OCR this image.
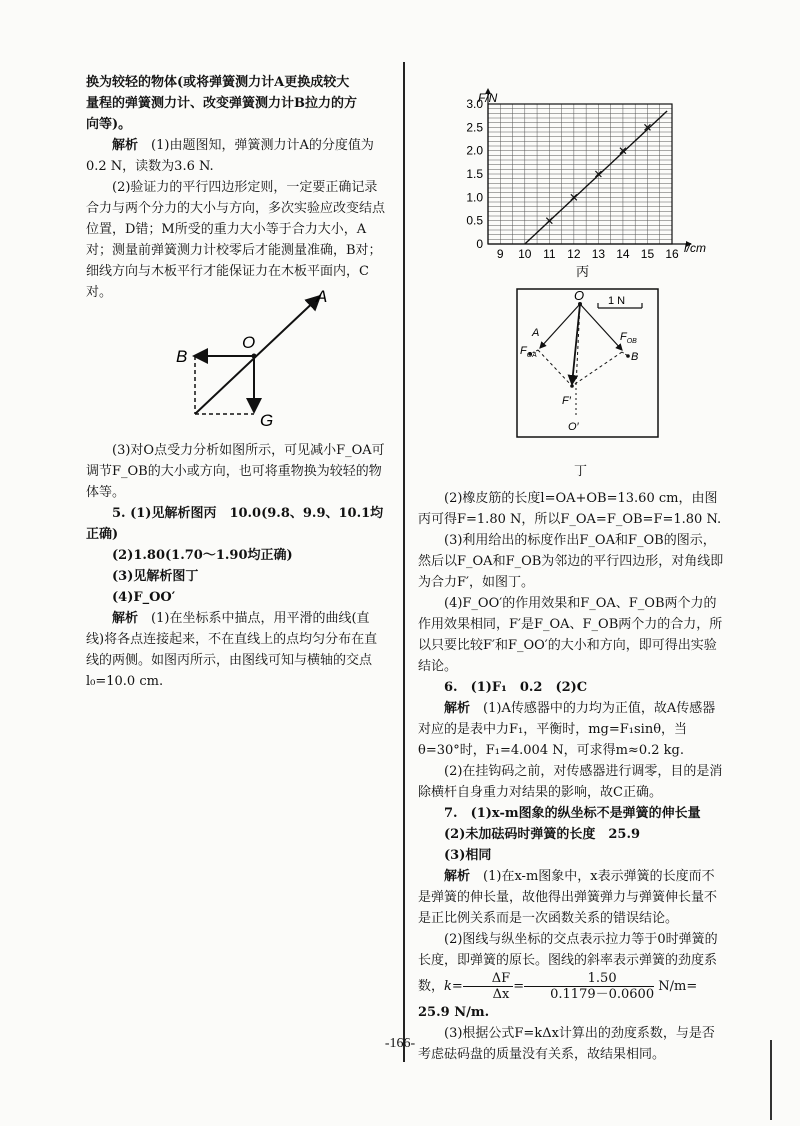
换为较轻的物体(或将弹簧测力计A更换成较大

量程的弹簧测力计、改变弹簧测力计B拉力的方

向等)。

解析　 (1)由题图知，弹簧测力计A的分度值为0.2 N，读数为3.6 N.

(2)验证力的平行四边形定则，一定要正确记录合力与两个分力的大小与方向，多次实验应改变结点位置，D错；M所受的重力大小等于合力大小，A对；测量前弹簧测力计校零后才能测量准确，B对；细线方向与木板平行才能保证力在木板平面内，C对。

O
A
B
G

(3)对O点受力分析如图所示，可见减小F_OA可调节F_OB的大小或方向，也可将重物换为较轻的物体等。

5. (1)见解析图丙　10.0(9.8、9.9、10.1均正确)

(2)1.80(1.70～1.90均正确)

(3)见解析图丁

(4)F_OO′

解析　 (1)在坐标系中描点，用平滑的曲线(直线)将各点连接起来，不在直线上的点均匀分布在直线的两侧。如图丙所示，由图线可知与横轴的交点l₀=10.0 cm.

9 10 11 12 13 14 15 16
0
0.5
1.0
1.5
2.0
2.5
3.0
F/N
l/cm
丙
1 N
O
A
B
$F_{OA}$
$F_{OB}$
F′
O′
丁

(2)橡皮筋的长度l=OA+OB=13.60 cm，由图丙可得F=1.80 N，所以F_OA=F_OB=F=1.80 N.

(3)利用给出的标度作出F_OA和F_OB的图示，然后以F_OA和F_OB为邻边的平行四边形，对角线即为合力F′，如图丁。

(4)F_OO′的作用效果和F_OA、F_OB两个力的作用效果相同，F′是F_OA、F_OB两个力的合力，所以只要比较F′和F_OO′的大小和方向，即可得出实验结论。

6.　(1)F₁　0.2　(2)C

解析　 (1)A传感器中的力均为正值，故A传感器对应的是表中力F₁，平衡时，mg=F₁sinθ，当θ=30°时，F₁=4.004 N，可求得m≈0.2 kg.

(2)在挂钩码之前，对传感器进行调零，目的是消除横杆自身重力对结果的影响，故C正确。

7.　(1)x-m图象的纵坐标不是弹簧的伸长量

(2)未加砝码时弹簧的长度　25.9

(3)相同

解析　 (1)在x-m图象中，x表示弹簧的长度而不是弹簧的伸长量，故他得出弹簧弹力与弹簧伸长量不是正比例关系而是一次函数关系的错误结论。

(2)图线与纵坐标的交点表示拉力等于0时弹簧的长度，即弹簧的原长。图线的斜率表示弹簧的劲度系数，$k= \frac{\Delta F}{\Delta x} = \frac{1.50}{0.1179-0.0600} N/m=$

25.9 N/m.

(3)根据公式F=kΔx计算出的劲度系数，与是否考虑砝码盘的质量没有关系，故结果相同。

-166-
